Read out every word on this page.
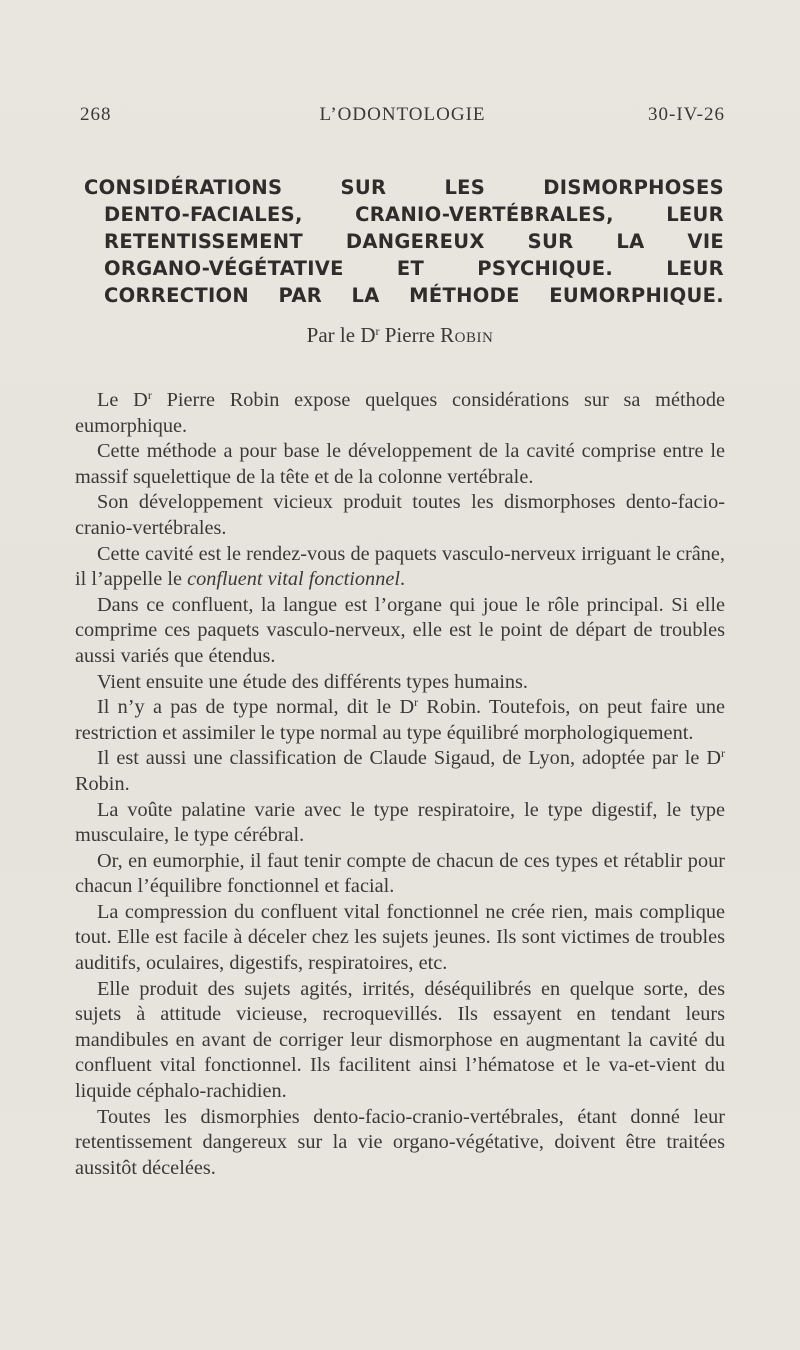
268	L’ODONTOLOGIE	30-IV-26
CONSIDÉRATIONS SUR LES DISMORPHOSES
DENTO-FACIALES, CRANIO-VERTÉBRALES, LEUR
RETENTISSEMENT DANGEREUX SUR LA VIE
ORGANO-VÉGÉTATIVE ET PSYCHIQUE. LEUR
CORRECTION PAR LA MÉTHODE EUMORPHIQUE.
Par le $D^r$ Pierre Robin

Le $D^r$ Pierre Robin expose quelques considérations sur sa méthode eumorphique.

Cette méthode a pour base le développement de la cavité comprise entre le massif squelettique de la tête et de la colonne vertébrale.

Son développement vicieux produit toutes les dismorphoses dento-facio-cranio-vertébrales.

Cette cavité est le rendez-vous de paquets vasculo-nerveux irriguant le crâne, il l’appelle le confluent vital fonctionnel.

Dans ce confluent, la langue est l’organe qui joue le rôle principal. Si elle comprime ces paquets vasculo-nerveux, elle est le point de départ de troubles aussi variés que étendus.

Vient ensuite une étude des différents types humains.

Il n’y a pas de type normal, dit le $D^r$ Robin. Toutefois, on peut faire une restriction et assimiler le type normal au type équilibré morphologiquement.

Il est aussi une classification de Claude Sigaud, de Lyon, adoptée par le $D^r$ Robin.

La voûte palatine varie avec le type respiratoire, le type digestif, le type musculaire, le type cérébral.

Or, en eumorphie, il faut tenir compte de chacun de ces types et rétablir pour chacun l’équilibre fonctionnel et facial.

La compression du confluent vital fonctionnel ne crée rien, mais complique tout. Elle est facile à déceler chez les sujets jeunes. Ils sont victimes de troubles auditifs, oculaires, digestifs, respiratoires, etc.

Elle produit des sujets agités, irrités, déséquilibrés en quelque sorte, des sujets à attitude vicieuse, recroquevillés. Ils essayent en tendant leurs mandibules en avant de corriger leur dismorphose en augmentant la cavité du confluent vital fonctionnel. Ils facilitent ainsi l’hématose et le va-et-vient du liquide céphalo-rachidien.

Toutes les dismorphies dento-facio-cranio-vertébrales, étant donné leur retentissement dangereux sur la vie organo-végétative, doivent être traitées aussitôt décelées.
